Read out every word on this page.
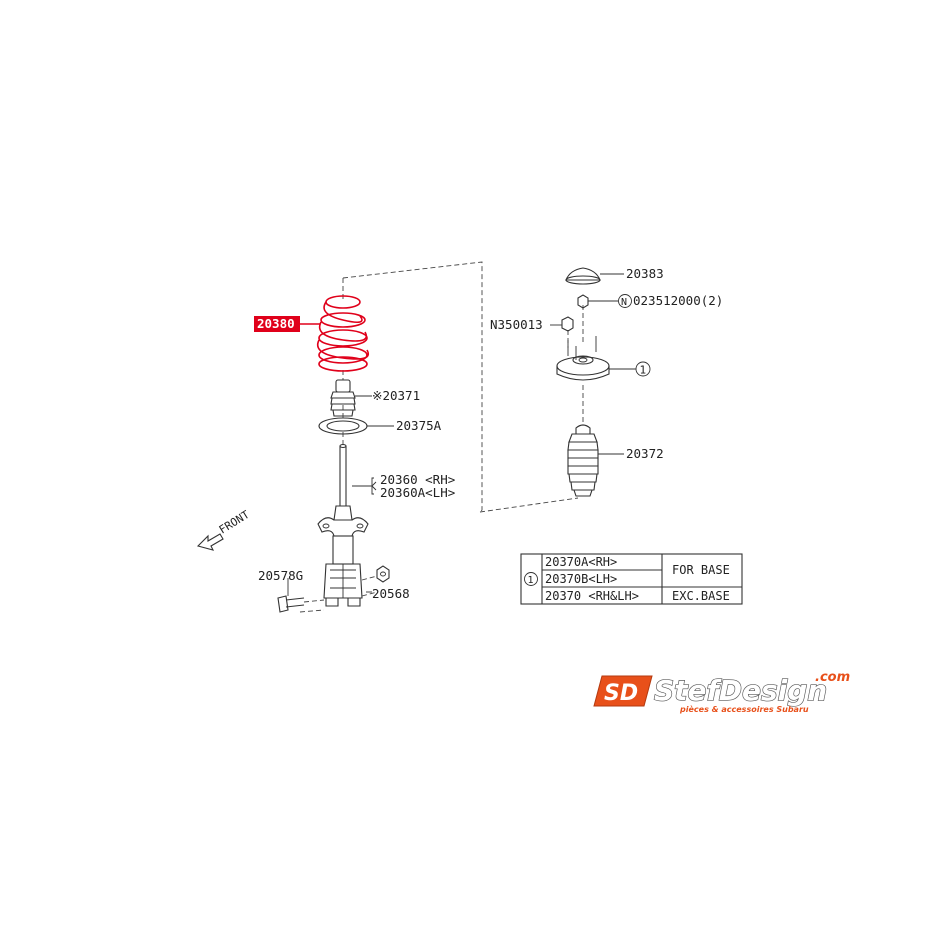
20380
※20371
20375A
20360 <RH>
20360A<LH>
20578G
20568
FRONT
20383
N 023512000(2)
N350013
1
20372
1
20370A<RH>
20370B<LH>
20370 <RH&LH>
FOR BASE
EXC.BASE
SD
.com
StefDesign
pièces & accessoires Subaru
